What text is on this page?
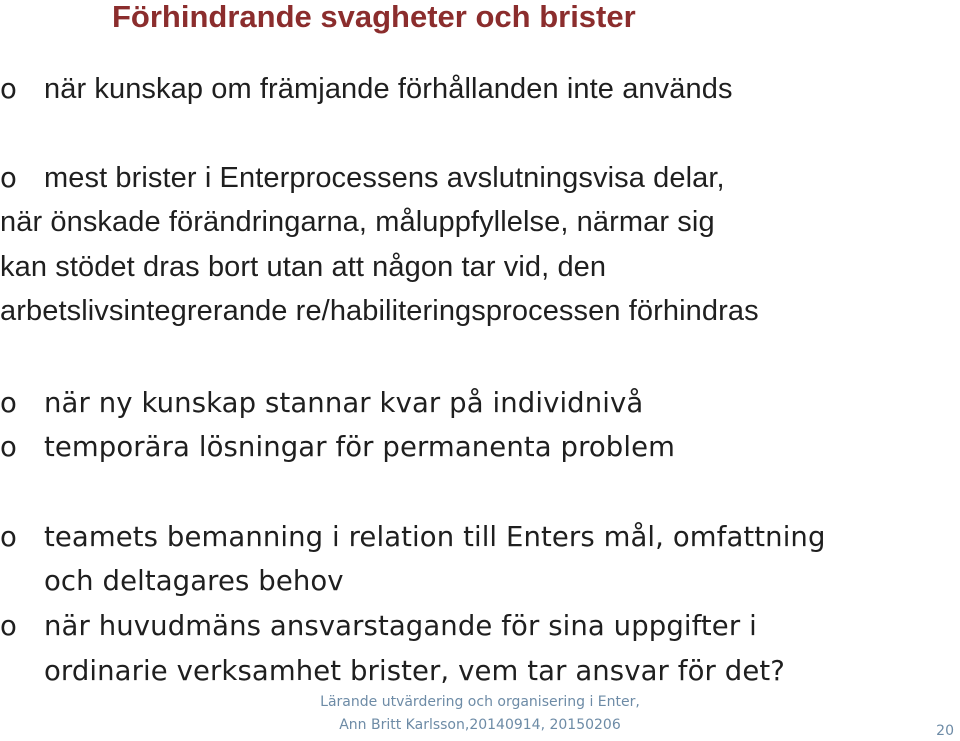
Förhindrande svagheter och brister
o när kunskap om främjande förhållanden inte används
o mest brister i Enterprocessens avslutningsvisa delar,
när önskade förändringarna, måluppfyllelse, närmar sig
kan stödet dras bort utan att någon tar vid, den
arbetslivsintegrerande re/habiliteringsprocessen förhindras
o när ny kunskap stannar kvar på individnivå
o temporära lösningar för permanenta problem
o teamets bemanning i relation till Enters mål, omfattning
och deltagares behov
o när huvudmäns ansvarstagande för sina uppgifter i
ordinarie verksamhet brister, vem tar ansvar för det?
Lärande utvärdering och organisering i Enter,
Ann Britt Karlsson,20140914, 20150206	20
